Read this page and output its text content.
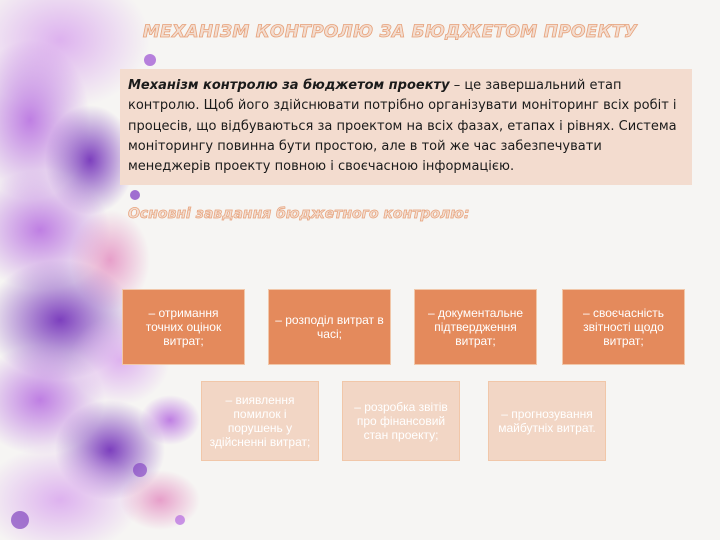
МЕХАНІЗМ КОНТРОЛЮ ЗА БЮДЖЕТОМ ПРОЕКТУ
Механізм контролю за бюджетом проекту – це завершальний етап контролю. Щоб його здійснювати потрібно організувати моніторинг всіх робіт і процесів, що відбуваються за проектом на всіх фазах, етапах і рівнях. Система моніторингу повинна бути простою, але в той же час забезпечувати менеджерів проекту повною і своєчасною інформацією.
Основні завдання бюджетного контролю:
– отримання точних оцінок витрат;
– розподіл витрат в часі;
– документальне підтвердження витрат;
– своєчасність звітності щодо витрат;
– виявлення помилок і порушень у здійсненні витрат;
– розробка звітів про фінансовий стан проекту;
– прогнозування майбутніх витрат.
